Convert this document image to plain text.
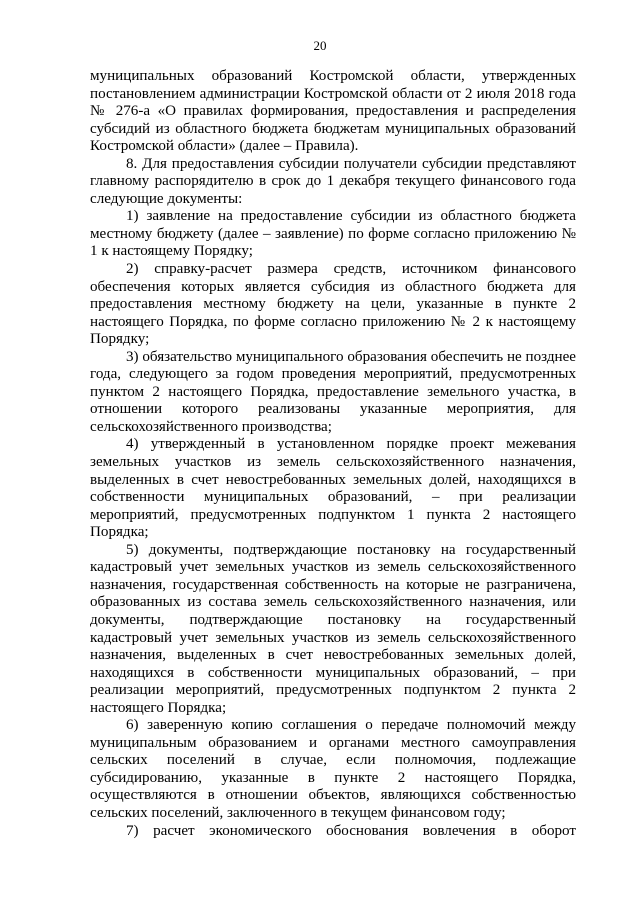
20

муниципальных образований Костромской области, утвержденных постановлением администрации Костромской области от 2 июля 2018 года № 276-а «О правилах формирования, предоставления и распределения субсидий из областного бюджета бюджетам муниципальных образований Костромской области» (далее – Правила).

8. Для предоставления субсидии получатели субсидии представляют главному распорядителю в срок до 1 декабря текущего финансового года следующие документы:

1) заявление на предоставление субсидии из областного бюджета местному бюджету (далее – заявление) по форме согласно приложению № 1 к настоящему Порядку;

2) справку-расчет размера средств, источником финансового обеспечения которых является субсидия из областного бюджета для предоставления местному бюджету на цели, указанные в пункте 2 настоящего Порядка, по форме согласно приложению № 2 к настоящему Порядку;

3) обязательство муниципального образования обеспечить не позднее года, следующего за годом проведения мероприятий, предусмотренных пунктом 2 настоящего Порядка, предоставление земельного участка, в отношении которого реализованы указанные мероприятия, для сельскохозяйственного производства;

4) утвержденный в установленном порядке проект межевания земельных участков из земель сельскохозяйственного назначения, выделенных в счет невостребованных земельных долей, находящихся в собственности муниципальных образований, – при реализации мероприятий, предусмотренных подпунктом 1 пункта 2 настоящего Порядка;

5) документы, подтверждающие постановку на государственный кадастровый учет земельных участков из земель сельскохозяйственного назначения, государственная собственность на которые не разграничена, образованных из состава земель сельскохозяйственного назначения, или документы, подтверждающие постановку на государственный кадастровый учет земельных участков из земель сельскохозяйственного назначения, выделенных в счет невостребованных земельных долей, находящихся в собственности муниципальных образований, – при реализации мероприятий, предусмотренных подпунктом 2 пункта 2 настоящего Порядка;

6) заверенную копию соглашения о передаче полномочий между муниципальным образованием и органами местного самоуправления сельских поселений в случае, если полномочия, подлежащие субсидированию, указанные в пункте 2 настоящего Порядка, осуществляются в отношении объектов, являющихся собственностью сельских поселений, заключенного в текущем финансовом году;

7) расчет экономического обоснования вовлечения в оборот
